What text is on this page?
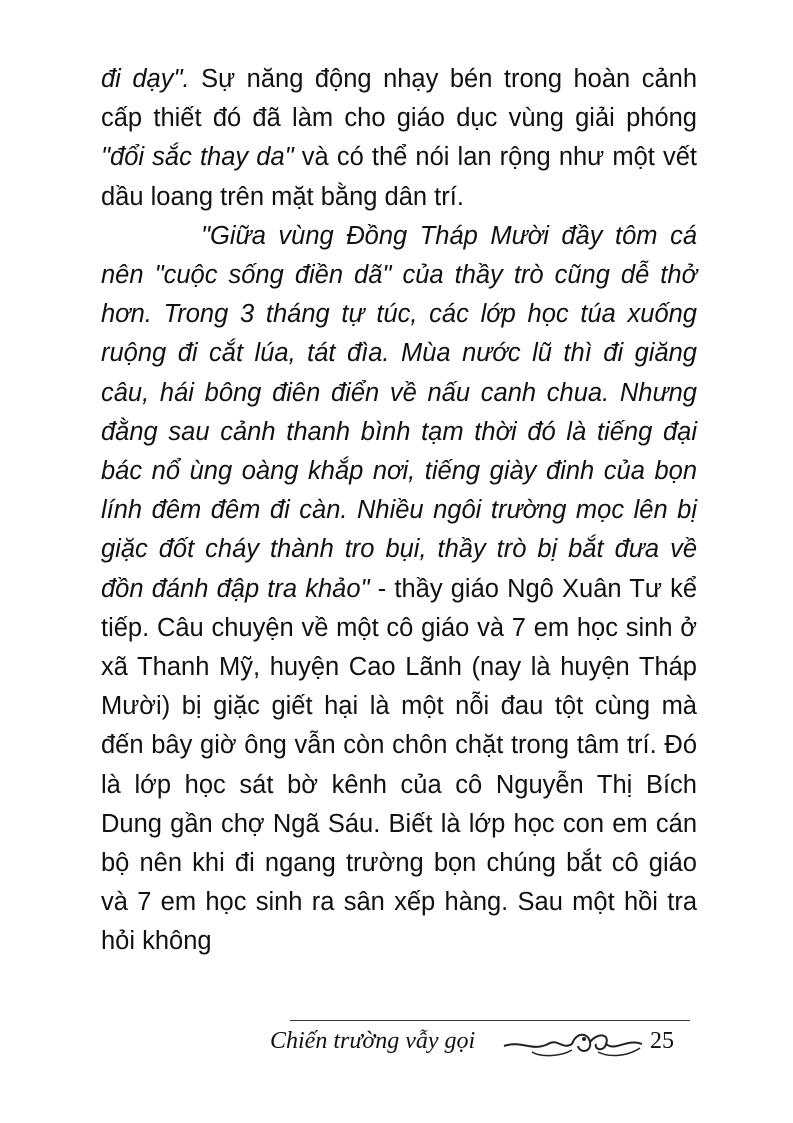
đi dạy". Sự năng động nhạy bén trong hoàn cảnh cấp thiết đó đã làm cho giáo dục vùng giải phóng "đổi sắc thay da" và có thể nói lan rộng như một vết dầu loang trên mặt bằng dân trí.

"Giữa vùng Đồng Tháp Mười đầy tôm cá nên "cuộc sống điền dã" của thầy trò cũng dễ thở hơn. Trong 3 tháng tự túc, các lớp học túa xuống ruộng đi cắt lúa, tát đìa. Mùa nước lũ thì đi giăng câu, hái bông điên điển về nấu canh chua. Nhưng đằng sau cảnh thanh bình tạm thời đó là tiếng đại bác nổ ùng oàng khắp nơi, tiếng giày đinh của bọn lính đêm đêm đi càn. Nhiều ngôi trường mọc lên bị giặc đốt cháy thành tro bụi, thầy trò bị bắt đưa về đồn đánh đập tra khảo" - thầy giáo Ngô Xuân Tư kể tiếp. Câu chuyện về một cô giáo và 7 em học sinh ở xã Thanh Mỹ, huyện Cao Lãnh (nay là huyện Tháp Mười) bị giặc giết hại là một nỗi đau tột cùng mà đến bây giờ ông vẫn còn chôn chặt trong tâm trí. Đó là lớp học sát bờ kênh của cô Nguyễn Thị Bích Dung gần chợ Ngã Sáu. Biết là lớp học con em cán bộ nên khi đi ngang trường bọn chúng bắt cô giáo và 7 em học sinh ra sân xếp hàng. Sau một hồi tra hỏi không

Chiến trường vẫy gọi	25
